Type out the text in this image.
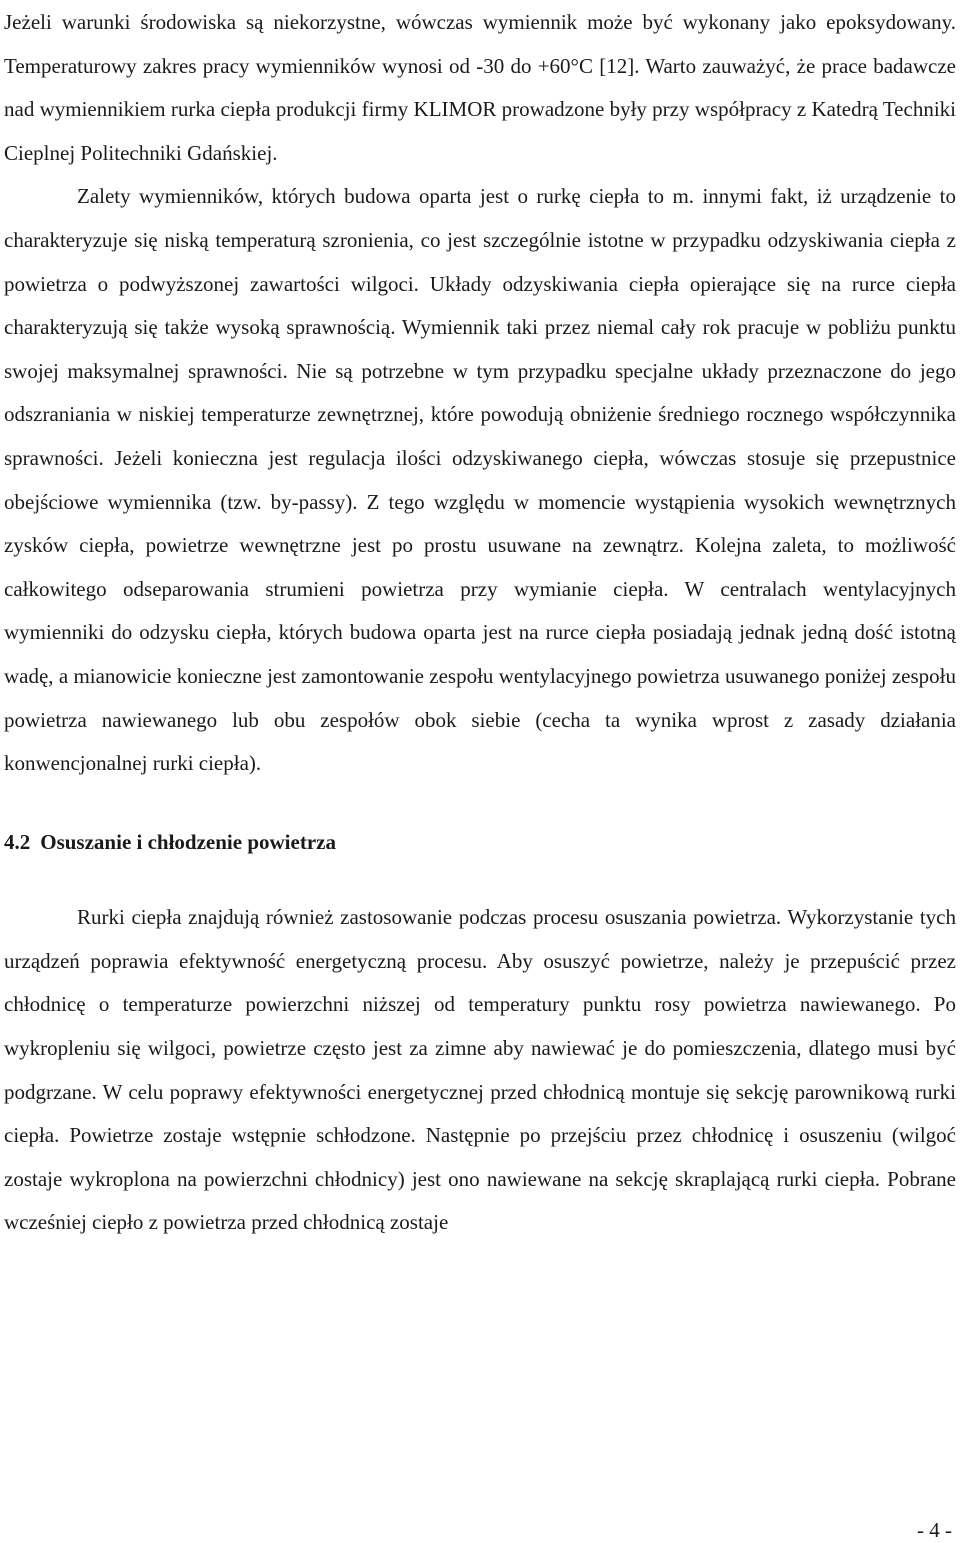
Jeżeli warunki środowiska są niekorzystne, wówczas wymiennik może być wykonany jako epoksydowany. Temperaturowy zakres pracy wymienników wynosi od -30 do +60°C [12]. Warto zauważyć, że prace badawcze nad wymiennikiem rurka ciepła produkcji firmy KLIMOR prowadzone były przy współpracy z Katedrą Techniki Cieplnej Politechniki Gdańskiej.

Zalety wymienników, których budowa oparta jest o rurkę ciepła to m. innymi fakt, iż urządzenie to charakteryzuje się niską temperaturą szronienia, co jest szczególnie istotne w przypadku odzyskiwania ciepła z powietrza o podwyższonej zawartości wilgoci. Układy odzyskiwania ciepła opierające się na rurce ciepła charakteryzują się także wysoką sprawnością. Wymiennik taki przez niemal cały rok pracuje w pobliżu punktu swojej maksymalnej sprawności. Nie są potrzebne w tym przypadku specjalne układy przeznaczone do jego odszraniania w niskiej temperaturze zewnętrznej, które powodują obniżenie średniego rocznego współczynnika sprawności. Jeżeli konieczna jest regulacja ilości odzyskiwanego ciepła, wówczas stosuje się przepustnice obejściowe wymiennika (tzw. by-passy). Z tego względu w momencie wystąpienia wysokich wewnętrznych zysków ciepła, powietrze wewnętrzne jest po prostu usuwane na zewnątrz. Kolejna zaleta, to możliwość całkowitego odseparowania strumieni powietrza przy wymianie ciepła. W centralach wentylacyjnych wymienniki do odzysku ciepła, których budowa oparta jest na rurce ciepła posiadają jednak jedną dość istotną wadę, a mianowicie konieczne jest zamontowanie zespołu wentylacyjnego powietrza usuwanego poniżej zespołu powietrza nawiewanego lub obu zespołów obok siebie (cecha ta wynika wprost z zasady działania konwencjonalnej rurki ciepła).

4.2 Osuszanie i chłodzenie powietrza

Rurki ciepła znajdują również zastosowanie podczas procesu osuszania powietrza. Wykorzystanie tych urządzeń poprawia efektywność energetyczną procesu. Aby osuszyć powietrze, należy je przepuścić przez chłodnicę o temperaturze powierzchni niższej od temperatury punktu rosy powietrza nawiewanego. Po wykropleniu się wilgoci, powietrze często jest za zimne aby nawiewać je do pomieszczenia, dlatego musi być podgrzane. W celu poprawy efektywności energetycznej przed chłodnicą montuje się sekcję parownikową rurki ciepła. Powietrze zostaje wstępnie schłodzone. Następnie po przejściu przez chłodnicę i osuszeniu (wilgoć zostaje wykroplona na powierzchni chłodnicy) jest ono nawiewane na sekcję skraplającą rurki ciepła. Pobrane wcześniej ciepło z powietrza przed chłodnicą zostaje

- 4 -
